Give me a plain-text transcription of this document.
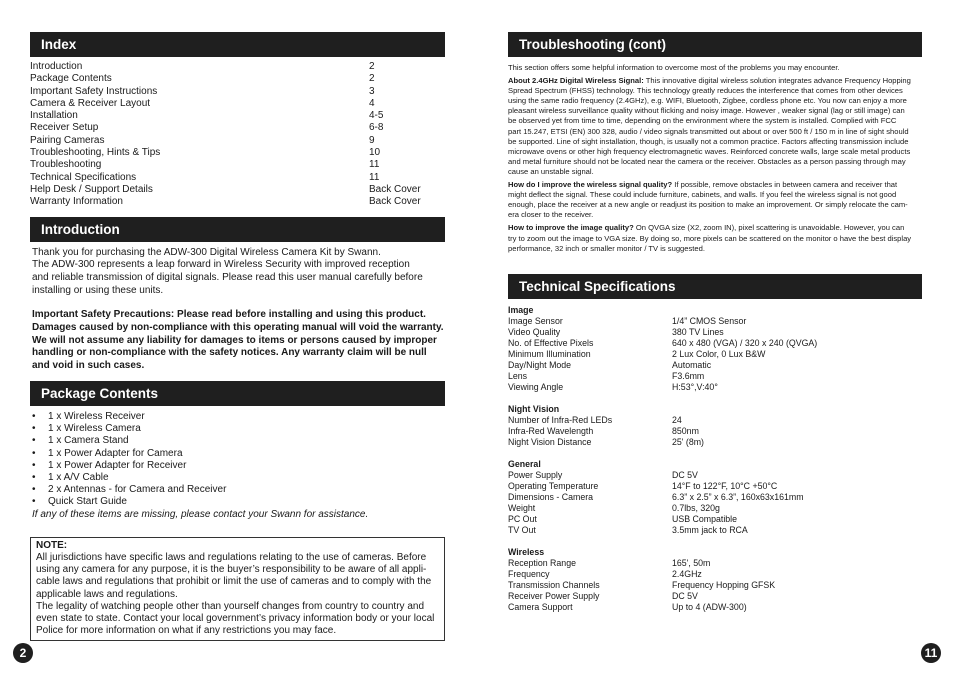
Index
Introduction	2
Package Contents	2
Important Safety Instructions	3
Camera & Receiver Layout	4
Installation	4-5
Receiver Setup	6-8
Pairing Cameras	9
Troubleshooting, Hints & Tips	10
Troubleshooting	11
Technical Specifications	11
Help Desk / Support Details	Back Cover
Warranty Information	Back Cover
Introduction
Thank you for purchasing the ADW-300 Digital Wireless Camera Kit by Swann.
The ADW-300 represents a leap forward in Wireless Security with improved reception
and reliable transmission of digital signals. Please read this user manual carefully before
installing or using these units.
Important Safety Precautions: Please read before installing and using this product.
Damages caused by non-compliance with this operating manual will void the warranty.
We will not assume any liability for damages to items or persons caused by improper
handling or non-compliance with the safety notices. Any warranty claim will be null
and void in such cases.
Package Contents
•	1 x Wireless Receiver
•	1 x Wireless Camera
•	1 x Camera Stand
•	1 x Power Adapter for Camera
•	1 x Power Adapter for Receiver
•	1 x A/V Cable
•	2 x Antennas - for Camera and Receiver
•	Quick Start Guide
If any of these items are missing, please contact your Swann for assistance.
NOTE:
All jurisdictions have specific laws and regulations relating to the use of cameras. Before
using any camera for any purpose, it is the buyer’s responsibility to be aware of all appli-
cable laws and regulations that prohibit or limit the use of cameras and to comply with the
applicable laws and regulations.
The legality of watching people other than yourself changes from country to country and
even state to state. Contact your local government’s privacy information body or your local
Police for more information on what if any restrictions you may face.
Troubleshooting (cont)
This section offers some helpful information to overcome most of the problems you may encounter.
About 2.4GHz Digital Wireless Signal: This innovative digital wireless solution integrates advance Frequency Hopping
Spread Spectrum (FHSS) technology. This technology greatly reduces the interference that comes from other devices
using the same radio frequency (2.4GHz), e.g. WIFI, Bluetooth, Zigbee, cordless phone etc. You now can enjoy a more
pleasant wireless surveillance quality without flicking and noisy image. However , weaker signal (lag or still image) can
be observed yet from time to time, depending on the environment where the system is installed. Complied with FCC
part 15.247, ETSI (EN) 300 328, audio / video signals transmitted out about or over 500 ft / 150 m in line of sight should
be supported. Line of sight installation, though, is usually not a common practice. Factors affecting transmission include
microwave ovens or other high frequency electromagnetic waves. Reinforced concrete walls, large scale metal products
and metal furniture should not be located near the camera or the receiver. Obstacles as a person passing through may
cause an unstable signal.
How do I improve the wireless signal quality? If possible, remove obstacles in between camera and receiver that
might deflect the signal. These could include furniture, cabinets, and walls. If you feel the wireless signal is not good
enough, place the receiver at a new angle or readjust its position to make an improvement. Or simply relocate the cam-
era closer to the receiver.
How to improve the image quality? On QVGA size (X2, zoom IN), pixel scattering is unavoidable. However, you can
try to zoom out the image to VGA size. By doing so, more pixels can be scattered on the monitor o have the best display
performance, 32 inch or smaller monitor / TV is suggested.
Technical Specifications
Image
Image Sensor	1/4” CMOS Sensor
Video Quality	380 TV Lines
No. of Effective Pixels	640 x 480 (VGA) / 320 x 240 (QVGA)
Minimum Illumination	2 Lux Color, 0 Lux B&W
Day/Night Mode	Automatic
Lens	F3.6mm
Viewing Angle	H:53°,V:40°
Night Vision
Number of Infra-Red LEDs	24
Infra-Red Wavelength	850nm
Night Vision Distance	25' (8m)
General
Power Supply	DC 5V
Operating Temperature	14°F to 122°F, 10°C +50°C
Dimensions - Camera	6.3” x 2.5” x 6.3”, 160x63x161mm
Weight	0.7lbs, 320g
PC Out	USB Compatible
TV Out	3.5mm jack to RCA
Wireless
Reception Range	165', 50m
Frequency	2.4GHz
Transmission Channels	Frequency Hopping GFSK
Receiver Power Supply	DC 5V
Camera Support	Up to 4 (ADW-300)
2	11
